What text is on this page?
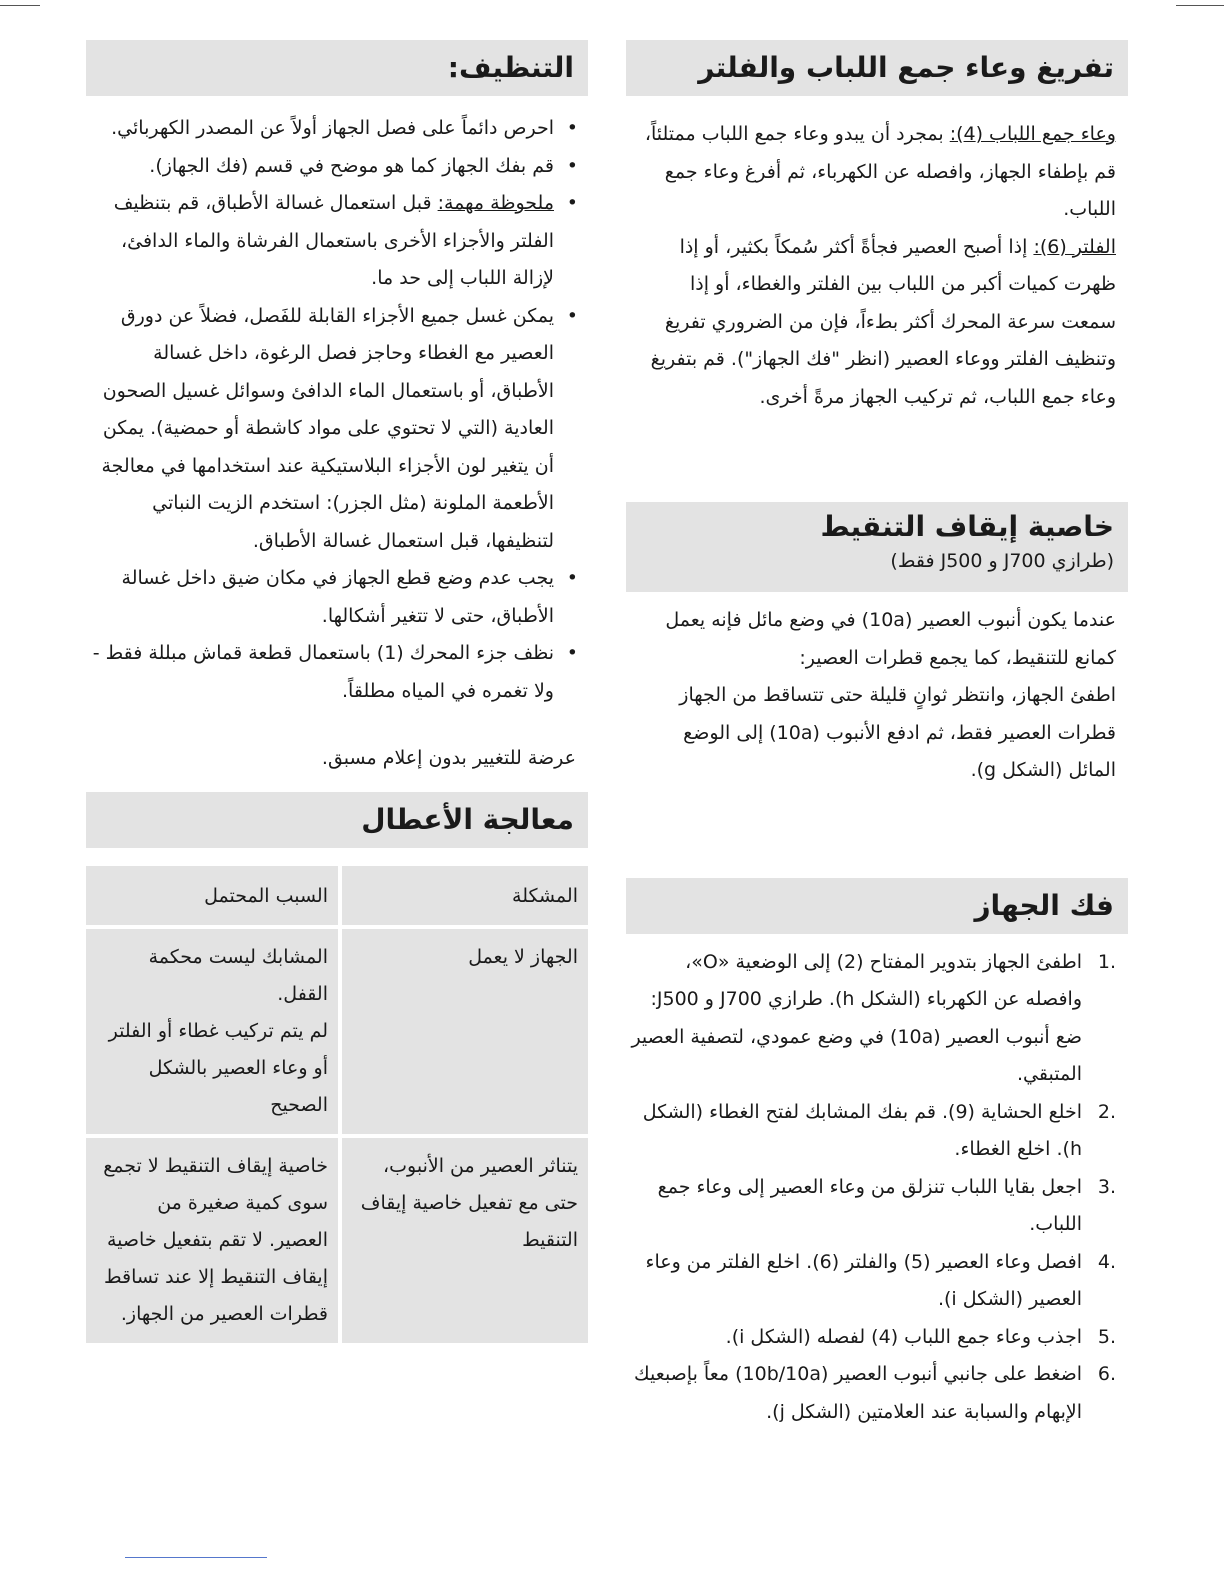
تفريغ وعاء جمع اللباب والفلتر

وعاء جمع اللباب (4): بمجرد أن يبدو وعاء جمع اللباب ممتلئاً، قم بإطفاء الجهاز، وافصله عن الكهرباء، ثم أفرغ وعاء جمع اللباب.

الفلتر (6): إذا أصبح العصير فجأةً أكثر سُمكاً بكثير، أو إذا ظهرت كميات أكبر من اللباب بين الفلتر والغطاء، أو إذا سمعت سرعة المحرك أكثر بطءاً، فإن من الضروري تفريغ وتنظيف الفلتر ووعاء العصير (انظر "فك الجهاز"). قم بتفريغ وعاء جمع اللباب، ثم تركيب الجهاز مرةً أخرى.

خاصية إيقاف التنقيط
(طرازي J700 و J500 فقط)

عندما يكون أنبوب العصير (10a) في وضع مائل فإنه يعمل كمانع للتنقيط، كما يجمع قطرات العصير:

اطفئ الجهاز، وانتظر ثوانٍ قليلة حتى تتساقط من الجهاز قطرات العصير فقط، ثم ادفع الأنبوب (10a) إلى الوضع المائل (الشكل g).

فك الجهاز
1.
اطفئ الجهاز بتدوير المفتاح (2) إلى الوضعية «O»، وافصله عن الكهرباء (الشكل h). طرازي J700 و J500: ضع أنبوب العصير (10a) في وضع عمودي، لتصفية العصير المتبقي.
2.
اخلع الحشاية (9). قم بفك المشابك لفتح الغطاء (الشكل h). اخلع الغطاء.
3.
اجعل بقايا اللباب تنزلق من وعاء العصير إلى وعاء جمع اللباب.
4.
افصل وعاء العصير (5) والفلتر (6). اخلع الفلتر من وعاء العصير (الشكل i).
5.
اجذب وعاء جمع اللباب (4) لفصله (الشكل i).
6.
اضغط على جانبي أنبوب العصير (10b/10a) معاً بإصبعيك الإبهام والسبابة عند العلامتين (الشكل j).
التنظيف:
• احرص دائماً على فصل الجهاز أولاً عن المصدر الكهربائي.
• قم بفك الجهاز كما هو موضح في قسم (فك الجهاز).
• ملحوظة مهمة: قبل استعمال غسالة الأطباق، قم بتنظيف الفلتر والأجزاء الأخرى باستعمال الفرشاة والماء الدافئ، لإزالة اللباب إلى حد ما.
• يمكن غسل جميع الأجزاء القابلة للفَصل، فضلاً عن دورق العصير مع الغطاء وحاجز فصل الرغوة، داخل غسالة الأطباق، أو باستعمال الماء الدافئ وسوائل غسيل الصحون العادية (التي لا تحتوي على مواد كاشطة أو حمضية). يمكن أن يتغير لون الأجزاء البلاستيكية عند استخدامها في معالجة الأطعمة الملونة (مثل الجزر): استخدم الزيت النباتي لتنظيفها، قبل استعمال غسالة الأطباق.
• يجب عدم وضع قطع الجهاز في مكان ضيق داخل غسالة الأطباق، حتى لا تتغير أشكالها.
• نظف جزء المحرك (1) باستعمال قطعة قماش مبللة فقط - ولا تغمره في المياه مطلقاً.

عرضة للتغيير بدون إعلام مسبق.

معالجة الأعطال
المشكلة	السبب المحتمل
الجهاز لا يعمل	المشابك ليست محكمة القفل.
لم يتم تركيب غطاء أو الفلتر أو وعاء العصير بالشكل الصحيح
يتناثر العصير من الأنبوب، حتى مع تفعيل خاصية إيقاف التنقيط	خاصية إيقاف التنقيط لا تجمع سوى كمية صغيرة من العصير. لا تقم بتفعيل خاصية إيقاف التنقيط إلا عند تساقط قطرات العصير من الجهاز.
